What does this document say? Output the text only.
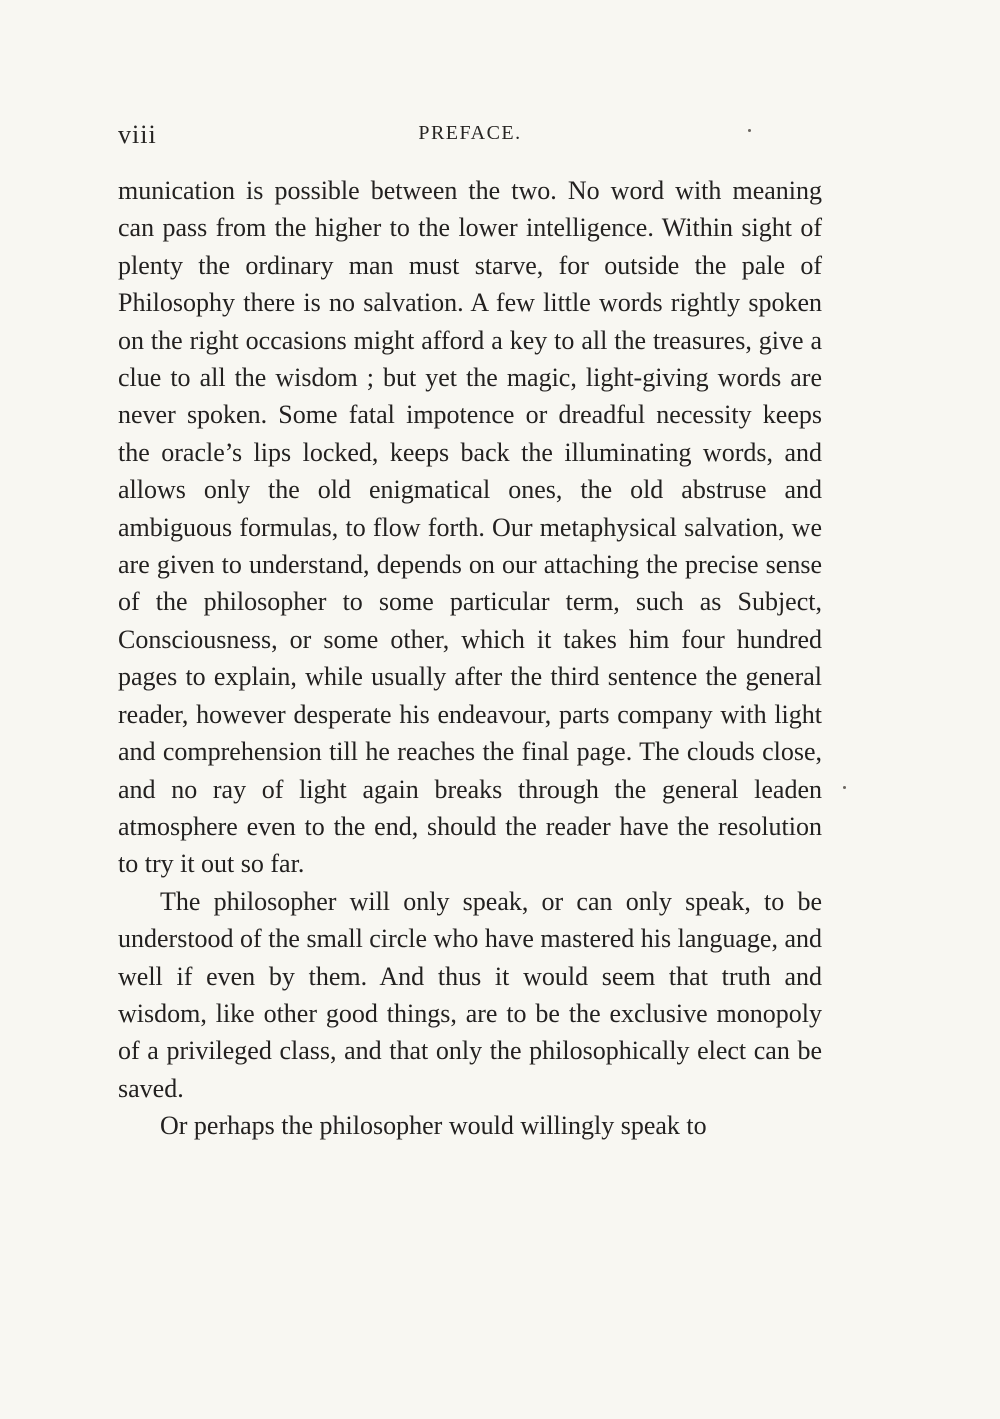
viii	PREFACE.

munication is possible between the two. No word with meaning can pass from the higher to the lower intelligence. Within sight of plenty the ordinary man must starve, for outside the pale of Philosophy there is no salvation. A few little words rightly spoken on the right occasions might afford a key to all the treasures, give a clue to all the wisdom ; but yet the magic, light-giving words are never spoken. Some fatal impotence or dreadful necessity keeps the oracle’s lips locked, keeps back the illuminating words, and allows only the old enigmatical ones, the old abstruse and ambiguous formulas, to flow forth. Our metaphysical salvation, we are given to understand, depends on our attaching the precise sense of the philosopher to some particular term, such as Subject, Consciousness, or some other, which it takes him four hundred pages to explain, while usually after the third sentence the general reader, however desperate his endeavour, parts company with light and comprehension till he reaches the final page. The clouds close, and no ray of light again breaks through the general leaden atmosphere even to the end, should the reader have the resolution to try it out so far.

The philosopher will only speak, or can only speak, to be understood of the small circle who have mastered his language, and well if even by them. And thus it would seem that truth and wisdom, like other good things, are to be the exclusive monopoly of a privileged class, and that only the philosophically elect can be saved.

Or perhaps the philosopher would willingly speak to
